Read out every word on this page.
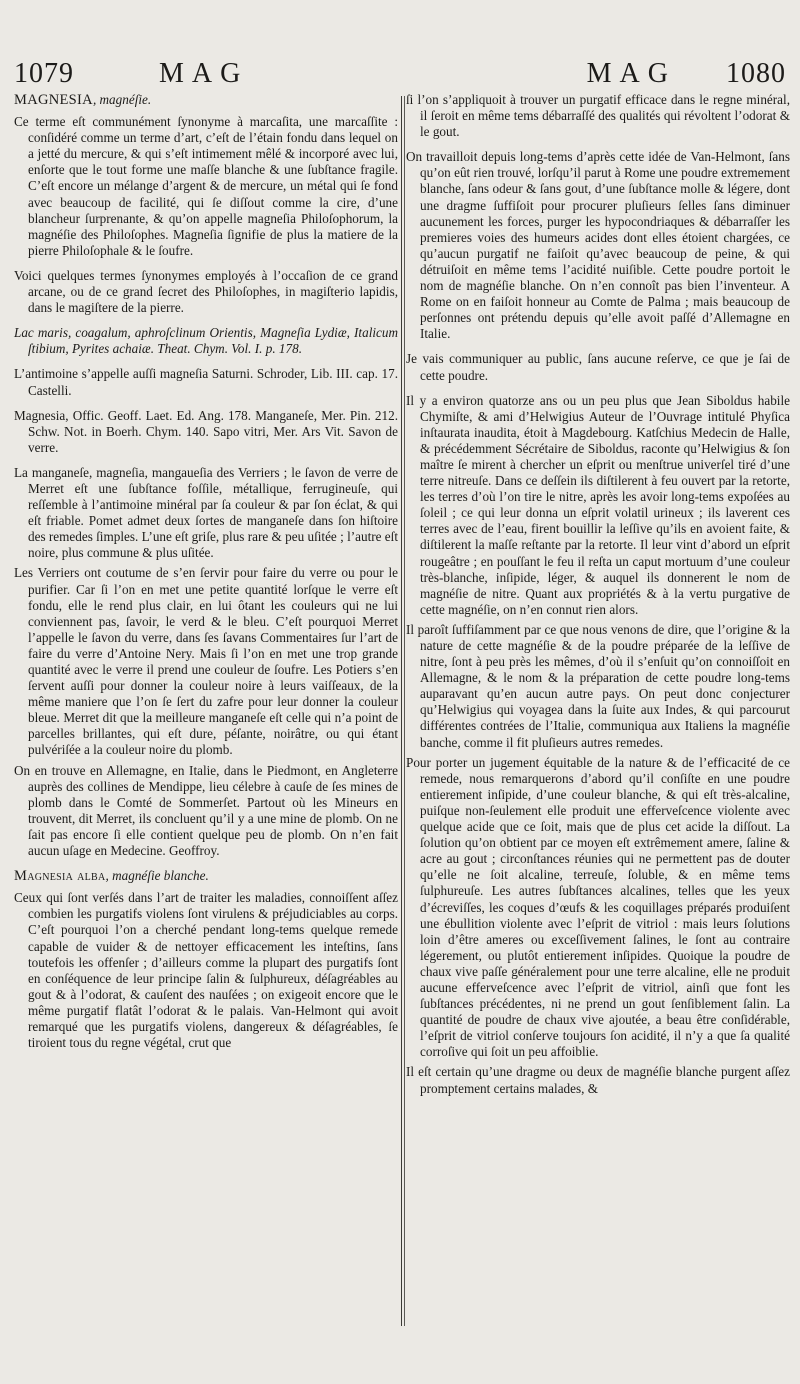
1079	MAG	MAG 1080
MAGNESIA, magnéſie.

Ce terme eſt communément ſynonyme à marcaſita, une marcaſſite : conſidéré comme un terme d’art, c’eſt de l’étain fondu dans lequel on a jetté du mercure, & qui s’eſt intimement mêlé & incorporé avec lui, enſorte que le tout forme une maſſe blanche & une ſubſtance fragile. C’eſt encore un mélange d’argent & de mercure, un métal qui ſe fond avec beaucoup de facilité, qui ſe diſſout comme la cire, d’une blancheur ſurprenante, & qu’on appelle magneſia Philoſophorum, la magnéſie des Philoſophes. Magneſia ſignifie de plus la matiere de la pierre Philoſophale & le ſoufre.

Voici quelques termes ſynonymes employés à l’occaſion de ce grand arcane, ou de ce grand ſecret des Philoſophes, in magiſterio lapidis, dans le magiſtere de la pierre.

Lac maris, coagalum, aphroſclinum Orientis, Magneſia Lydiæ, Italicum ſtibium, Pyrites achaiæ. Theat. Chym. Vol. I. p. 178.

L’antimoine s’appelle auſſi magneſia Saturni. Schroder, Lib. III. cap. 17. Castelli.

Magnesia, Offic. Geoff. Laet. Ed. Ang. 178. Manganeſe, Mer. Pin. 212. Schw. Not. in Boerh. Chym. 140. Sapo vitri, Mer. Ars Vit. Savon de verre.

La manganeſe, magneſia, mangaueſia des Verriers ; le ſavon de verre de Merret eſt une ſubſtance foſſile, métallique, ferrugineuſe, qui reſſemble à l’antimoine minéral par ſa couleur & par ſon éclat, & qui eſt friable. Pomet admet deux ſortes de manganeſe dans ſon hiſtoire des remedes ſimples. L’une eſt griſe, plus rare & peu uſitée ; l’autre eſt noire, plus commune & plus uſitée.

Les Verriers ont coutume de s’en ſervir pour faire du verre ou pour le purifier. Car ſi l’on en met une petite quantité lorſque le verre eſt fondu, elle le rend plus clair, en lui ôtant les couleurs qui ne lui conviennent pas, ſavoir, le verd & le bleu. C’eſt pourquoi Merret l’appelle le ſavon du verre, dans ſes ſavans Commentaires ſur l’art de faire du verre d’Antoine Nery. Mais ſi l’on en met une trop grande quantité avec le verre il prend une couleur de ſoufre. Les Potiers s’en ſervent auſſi pour donner la couleur noire à leurs vaiſſeaux, de la même maniere que l’on ſe ſert du zafre pour leur donner la couleur bleue. Merret dit que la meilleure manganeſe eſt celle qui n’a point de parcelles brillantes, qui eſt dure, péſante, noirâtre, ou qui étant pulvériſée a la couleur noire du plomb.

On en trouve en Allemagne, en Italie, dans le Piedmont, en Angleterre auprès des collines de Mendippe, lieu célebre à cauſe de ſes mines de plomb dans le Comté de Sommerſet. Partout où les Mineurs en trouvent, dit Merret, ils concluent qu’il y a une mine de plomb. On ne ſait pas encore ſi elle contient quelque peu de plomb. On n’en fait aucun uſage en Medecine. Geoffroy.

Magnesia alba, magnéſie blanche.

Ceux qui ſont verſés dans l’art de traiter les maladies, connoiſſent aſſez combien les purgatifs violens ſont virulens & préjudiciables au corps. C’eſt pourquoi l’on a cherché pendant long-tems quelque remede capable de vuider & de nettoyer efficacement les inteſtins, ſans toutefois les offenſer ; d’ailleurs comme la plupart des purgatifs ſont en conſéquence de leur principe ſalin & ſulphureux, déſagréables au gout & à l’odorat, & cauſent des nauſées ; on exigeoit encore que le même purgatif flatât l’odorat & le palais. Van-Helmont qui avoit remarqué que les purgatifs violens, dangereux & déſagréables, ſe tiroient tous du regne végétal, crut que

ſi l’on s’appliquoit à trouver un purgatif efficace dans le regne minéral, il ſeroit en même tems débarraſſé des qualités qui révoltent l’odorat & le gout.

On travailloit depuis long-tems d’après cette idée de Van-Helmont, ſans qu’on eût rien trouvé, lorſqu’il parut à Rome une poudre extremement blanche, ſans odeur & ſans gout, d’une ſubſtance molle & légere, dont une dragme ſuffiſoit pour procurer pluſieurs ſelles ſans diminuer aucunement les forces, purger les hypocondriaques & débarraſſer les premieres voies des humeurs acides dont elles étoient chargées, ce qu’aucun purgatif ne faiſoit qu’avec beaucoup de peine, & qui détruiſoit en même tems l’acidité nuiſible. Cette poudre portoit le nom de magnéſie blanche. On n’en connoît pas bien l’inventeur. A Rome on en faiſoit honneur au Comte de Palma ; mais beaucoup de perſonnes ont prétendu depuis qu’elle avoit paſſé d’Allemagne en Italie.

Je vais communiquer au public, ſans aucune reſerve, ce que je ſai de cette poudre.

Il y a environ quatorze ans ou un peu plus que Jean Siboldus habile Chymiſte, & ami d’Helwigius Auteur de l’Ouvrage intitulé Phyſica inſtaurata inaudita, étoit à Magdebourg. Katſchius Medecin de Halle, & précédemment Sécrétaire de Siboldus, raconte qu’Helwigius & ſon maître ſe mirent à chercher un eſprit ou menſtrue univerſel tiré d’une terre nitreuſe. Dans ce deſſein ils diſtilerent à feu ouvert par la retorte, les terres d’où l’on tire le nitre, après les avoir long-tems expoſées au ſoleil ; ce qui leur donna un eſprit volatil urineux ; ils laverent ces terres avec de l’eau, firent bouillir la leſſive qu’ils en avoient faite, & diſtilerent la maſſe reſtante par la retorte. Il leur vint d’abord un eſprit rougeâtre ; en pouſſant le feu il reſta un caput mortuum d’une couleur très-blanche, inſipide, léger, & auquel ils donnerent le nom de magnéſie de nitre. Quant aux propriétés & à la vertu purgative de cette magnéſie, on n’en connut rien alors.

Il paroît ſuffiſamment par ce que nous venons de dire, que l’origine & la nature de cette magnéſie & de la poudre préparée de la leſſive de nitre, ſont à peu près les mêmes, d’où il s’enſuit qu’on connoiſſoit en Allemagne, & le nom & la préparation de cette poudre long-tems auparavant qu’en aucun autre pays. On peut donc conjecturer qu’Helwigius qui voyagea dans la ſuite aux Indes, & qui parcourut différentes contrées de l’Italie, communiqua aux Italiens la magnéſie banche, comme il fit pluſieurs autres remedes.

Pour porter un jugement équitable de la nature & de l’efficacité de ce remede, nous remarquerons d’abord qu’il conſiſte en une poudre entierement inſipide, d’une couleur blanche, & qui eſt très-alcaline, puiſque non-ſeulement elle produit une effervеſcence violente avec quelque acide que ce ſoit, mais que de plus cet acide la diſſout. La ſolution qu’on obtient par ce moyen eſt extrêmement amere, ſaline & acre au gout ; circonſtances réunies qui ne permettent pas de douter qu’elle ne ſoit alcaline, terreuſe, ſoluble, & en même tems ſulphureuſe. Les autres ſubſtances alcalines, telles que les yeux d’écreviſſes, les coques d’œufs & les coquillages préparés produiſent une ébullition violente avec l’eſprit de vitriol : mais leurs ſolutions loin d’être ameres ou exceſſivement ſalines, le ſont au contraire légerement, ou plutôt entierement inſipides. Quoique la poudre de chaux vive paſſe généralement pour une terre alcaline, elle ne produit aucune effervеſcence avec l’eſprit de vitriol, ainſi que font les ſubſtances précédentes, ni ne prend un gout ſenſiblement ſalin. La quantité de poudre de chaux vive ajoutée, a beau être conſidérable, l’eſprit de vitriol conſerve toujours ſon acidité, il n’y a que ſa qualité corroſive qui ſoit un peu affoiblie.

Il eſt certain qu’une dragme ou deux de magnéſie blanche purgent aſſez promptement certains malades, &
